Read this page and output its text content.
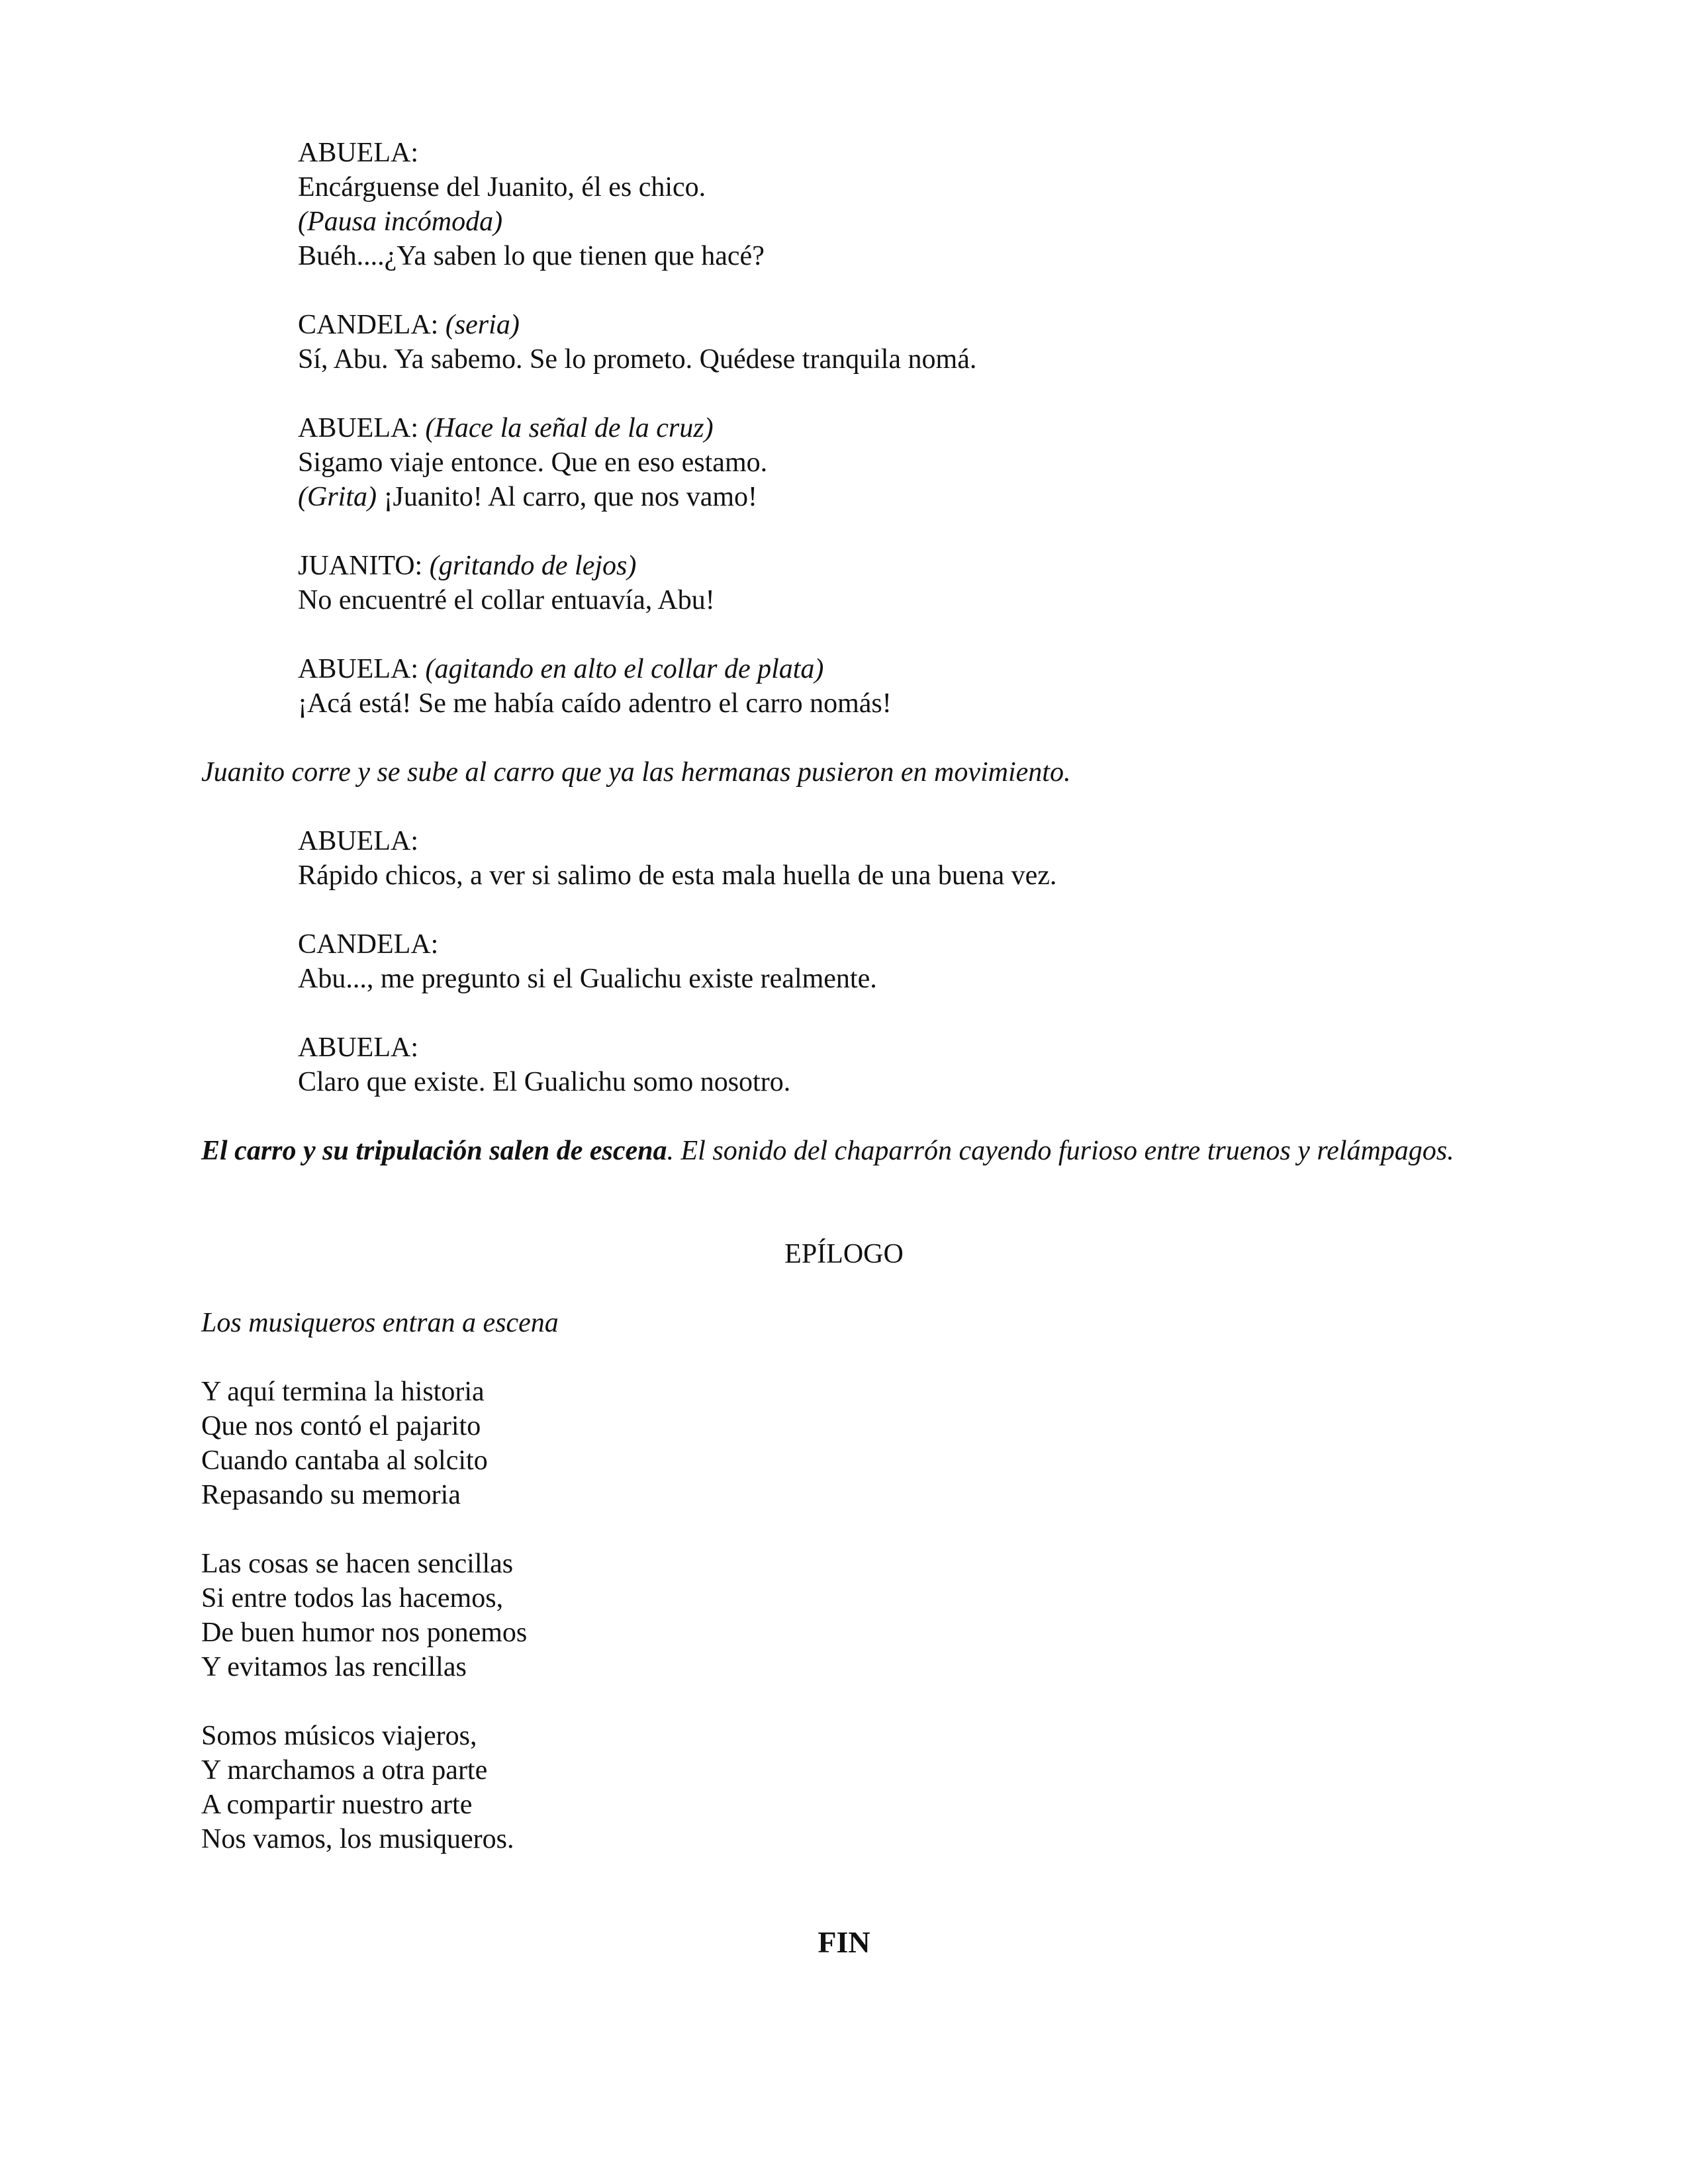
ABUELA:
Encárguense del Juanito, él es chico.
(Pausa incómoda)
Buéh....¿Ya saben lo que tienen que hacé?
CANDELA: (seria)
Sí, Abu. Ya sabemo. Se lo prometo. Quédese tranquila nomá.
ABUELA: (Hace la señal de la cruz)
Sigamo viaje entonce. Que en eso estamo.
(Grita) ¡Juanito! Al carro, que nos vamo!
JUANITO: (gritando de lejos)
No encuentré el collar entuavía, Abu!
ABUELA: (agitando en alto el collar de plata)
¡Acá está! Se me había caído adentro el carro nomás!
Juanito corre y se sube al carro que ya las hermanas pusieron en movimiento.
ABUELA:
Rápido chicos, a ver si salimo de esta mala huella de una buena vez.
CANDELA:
Abu..., me pregunto si el Gualichu existe realmente.
ABUELA:
Claro que existe. El Gualichu somo nosotro.
El carro y su tripulación salen de escena. El sonido del chaparrón cayendo furioso entre truenos y relámpagos.
EPÍLOGO
Los musiqueros entran a escena
Y aquí termina la historia
Que nos contó el pajarito
Cuando cantaba al solcito
Repasando su memoria
Las cosas se hacen sencillas
Si entre todos las hacemos,
De buen humor nos ponemos
Y evitamos las rencillas
Somos músicos viajeros,
Y marchamos a otra parte
A compartir nuestro arte
Nos vamos, los musiqueros.
FIN
